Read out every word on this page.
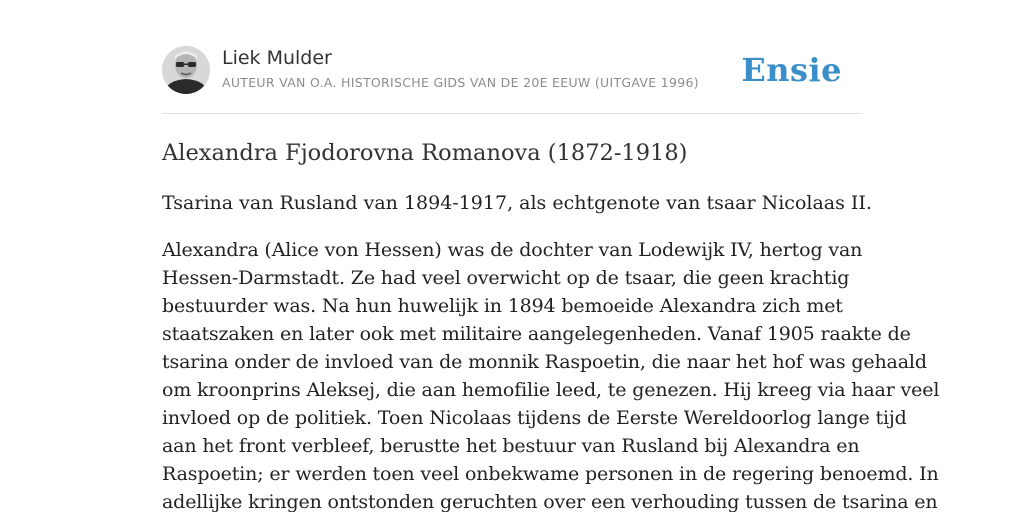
Liek Mulder
AUTEUR VAN O.A. HISTORISCHE GIDS VAN DE 20E EEUW (UITGAVE 1996) Ensie
Alexandra Fjodorovna Romanova (1872-1918)

Tsarina van Rusland van 1894-1917, als echtgenote van tsaar Nicolaas II.

Alexandra (Alice von Hessen) was de dochter van Lodewijk IV, hertog van
Hessen-Darmstadt. Ze had veel overwicht op de tsaar, die geen krachtig
bestuurder was. Na hun huwelijk in 1894 bemoeide Alexandra zich met
staatszaken en later ook met militaire aangelegenheden. Vanaf 1905 raakte de
tsarina onder de invloed van de monnik Raspoetin, die naar het hof was gehaald
om kroonprins Aleksej, die aan hemofilie leed, te genezen. Hij kreeg via haar veel
invloed op de politiek. Toen Nicolaas tijdens de Eerste Wereldoorlog lange tijd
aan het front verbleef, berustte het bestuur van Rusland bij Alexandra en
Raspoetin; er werden toen veel onbekwame personen in de regering benoemd. In
adellijke kringen ontstonden geruchten over een verhouding tussen de tsarina en
